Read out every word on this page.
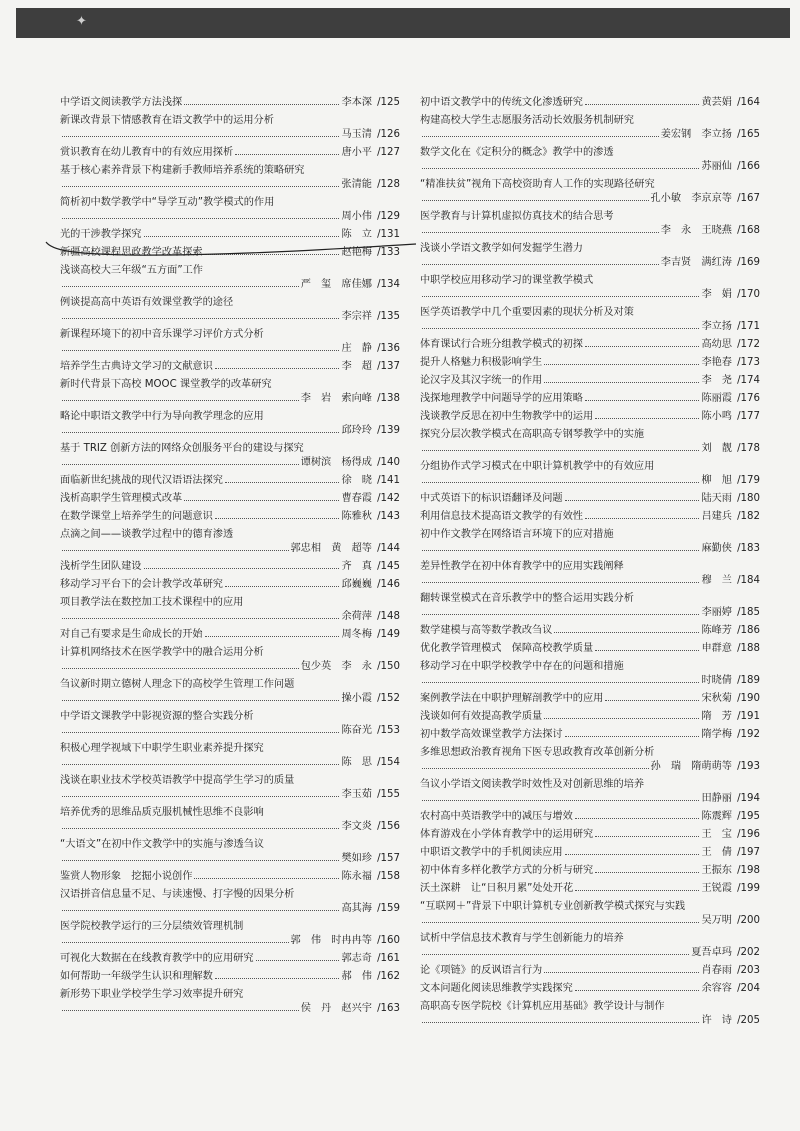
✦
中学语文阅读教学方法浅探	李本深 /125
新课改背景下情感教育在语文教学中的运用分析
马玉清 /126
赏识教育在幼儿教育中的有效应用探析	唐小平 /127
基于核心素养背景下构建新手教师培养系统的策略研究
张清能 /128
简析初中数学教学中“导学互动”教学模式的作用
周小伟 /129
光的干涉教学探究	陈　立 /131
新疆高校课程思政教学改革探索	赵艳梅 /133
浅谈高校大三年级“五方面”工作
严　玺　席佳娜 /134
例谈提高高中英语有效课堂教学的途径
李宗祥 /135
新课程环境下的初中音乐课学习评价方式分析
庄　静 /136
培养学生古典诗文学习的文献意识	李　超 /137
新时代背景下高校 MOOC 课堂教学的改革研究
李　岩　索向峰 /138
略论中职语文教学中行为导向教学理念的应用
邱玲玲 /139
基于 TRIZ 创新方法的网络众创服务平台的建设与探究
谭树滨　杨得成 /140
面临新世纪挑战的现代汉语语法探究	徐　晓 /141
浅析高职学生管理模式改革	曹春霞 /142
在数学课堂上培养学生的问题意识	陈雅秋 /143
点滴之间——谈教学过程中的德育渗透
郭忠相　黄　超等 /144
浅析学生团队建设	齐　真 /145
移动学习平台下的会计教学改革研究	邱巍巍 /146
项目教学法在数控加工技术课程中的应用
余荷萍 /148
对自己有要求是生命成长的开始	周冬梅 /149
计算机网络技术在医学教学中的融合运用分析
包少英　李　永 /150
刍议新时期立德树人理念下的高校学生管理工作问题
操小霞 /152
中学语文课教学中影视资源的整合实践分析
陈奋光 /153
积极心理学视域下中职学生职业素养提升探究
陈　思 /154
浅谈在职业技术学校英语教学中提高学生学习的质量
李玉茹 /155
培养优秀的思维品质克服机械性思维不良影响
李文炎 /156
“大语文”在初中作文教学中的实施与渗透刍议
樊如珍 /157
鉴赏人物形象　挖掘小说创作	陈永福 /158
汉语拼音信息量不足、与读速慢、打字慢的因果分析
高其海 /159
医学院校教学运行的三分层绩效管理机制
郭　伟　时冉冉等 /160
可视化大数据在在线教育教学中的应用研究	郭志奇 /161
如何帮助一年级学生认识和理解数	郝　伟 /162
新形势下职业学校学生学习效率提升研究
侯　丹　赵兴宇 /163
初中语文教学中的传统文化渗透研究	黄芸娟 /164
构建高校大学生志愿服务活动长效服务机制研究
姜宏钢　李立扬 /165
数学文化在《定积分的概念》教学中的渗透
苏丽仙 /166
“精准扶贫”视角下高校资助育人工作的实现路径研究
孔小敏　李京京等 /167
医学教育与计算机虚拟仿真技术的结合思考
李　永　王晓燕 /168
浅谈小学语文教学如何发掘学生潜力
李吉贤　满红涛 /169
中职学校应用移动学习的课堂教学模式
李　娟 /170
医学英语教学中几个重要因素的现状分析及对策
李立扬 /171
体育课试行合班分组教学模式的初探	高幼思 /172
提升人格魅力积极影响学生	李艳春 /173
论汉字及其汉字统一的作用	李　尧 /174
浅探地理教学中问题导学的应用策略	陈丽霞 /176
浅谈教学反思在初中生物教学中的运用	陈小鸣 /177
探究分层次教学模式在高职高专钢琴教学中的实施
刘　靓 /178
分组协作式学习模式在中职计算机教学中的有效应用
柳　旭 /179
中式英语下的标识语翻译及问题	陆天雨 /180
利用信息技术提高语文教学的有效性	吕建兵 /182
初中作文教学在网络语言环境下的应对措施
麻勤侠 /183
差异性教学在初中体育教学中的应用实践阐释
穆　兰 /184
翻转课堂模式在音乐教学中的整合运用实践分析
李丽婷 /185
数学建模与高等数学教改刍议	陈峰芳 /186
优化教学管理模式　保障高校教学质量	申群意 /188
移动学习在中职学校教学中存在的问题和措施
时晓倩 /189
案例教学法在中职护理解剖教学中的应用	宋秋菊 /190
浅谈如何有效提高教学质量	隋　芳 /191
初中数学高效课堂教学方法探讨	隋学梅 /192
多维思想政治教育视角下医专思政教育改革创新分析
孙　瑞　隋萌萌等 /193
刍议小学语文阅读教学时效性及对创新思维的培养
田静丽 /194
农村高中英语教学中的减压与增效	陈震辉 /195
体育游戏在小学体育教学中的运用研究	王　宝 /196
中职语文教学中的手机阅读应用	王　倩 /197
初中体育多样化教学方式的分析与研究	王振东 /198
沃土深耕　让“日积月累”处处开花	王锐霞 /199
“互联网＋”背景下中职计算机专业创新教学模式探究与实践
吴万明 /200
试析中学信息技术教育与学生创新能力的培养
夏吾卓玛 /202
论《项链》的反讽语言行为	肖春雨 /203
文本问题化阅读思维教学实践探究	余容容 /204
高职高专医学院校《计算机应用基础》教学设计与制作
许　诗 /205
